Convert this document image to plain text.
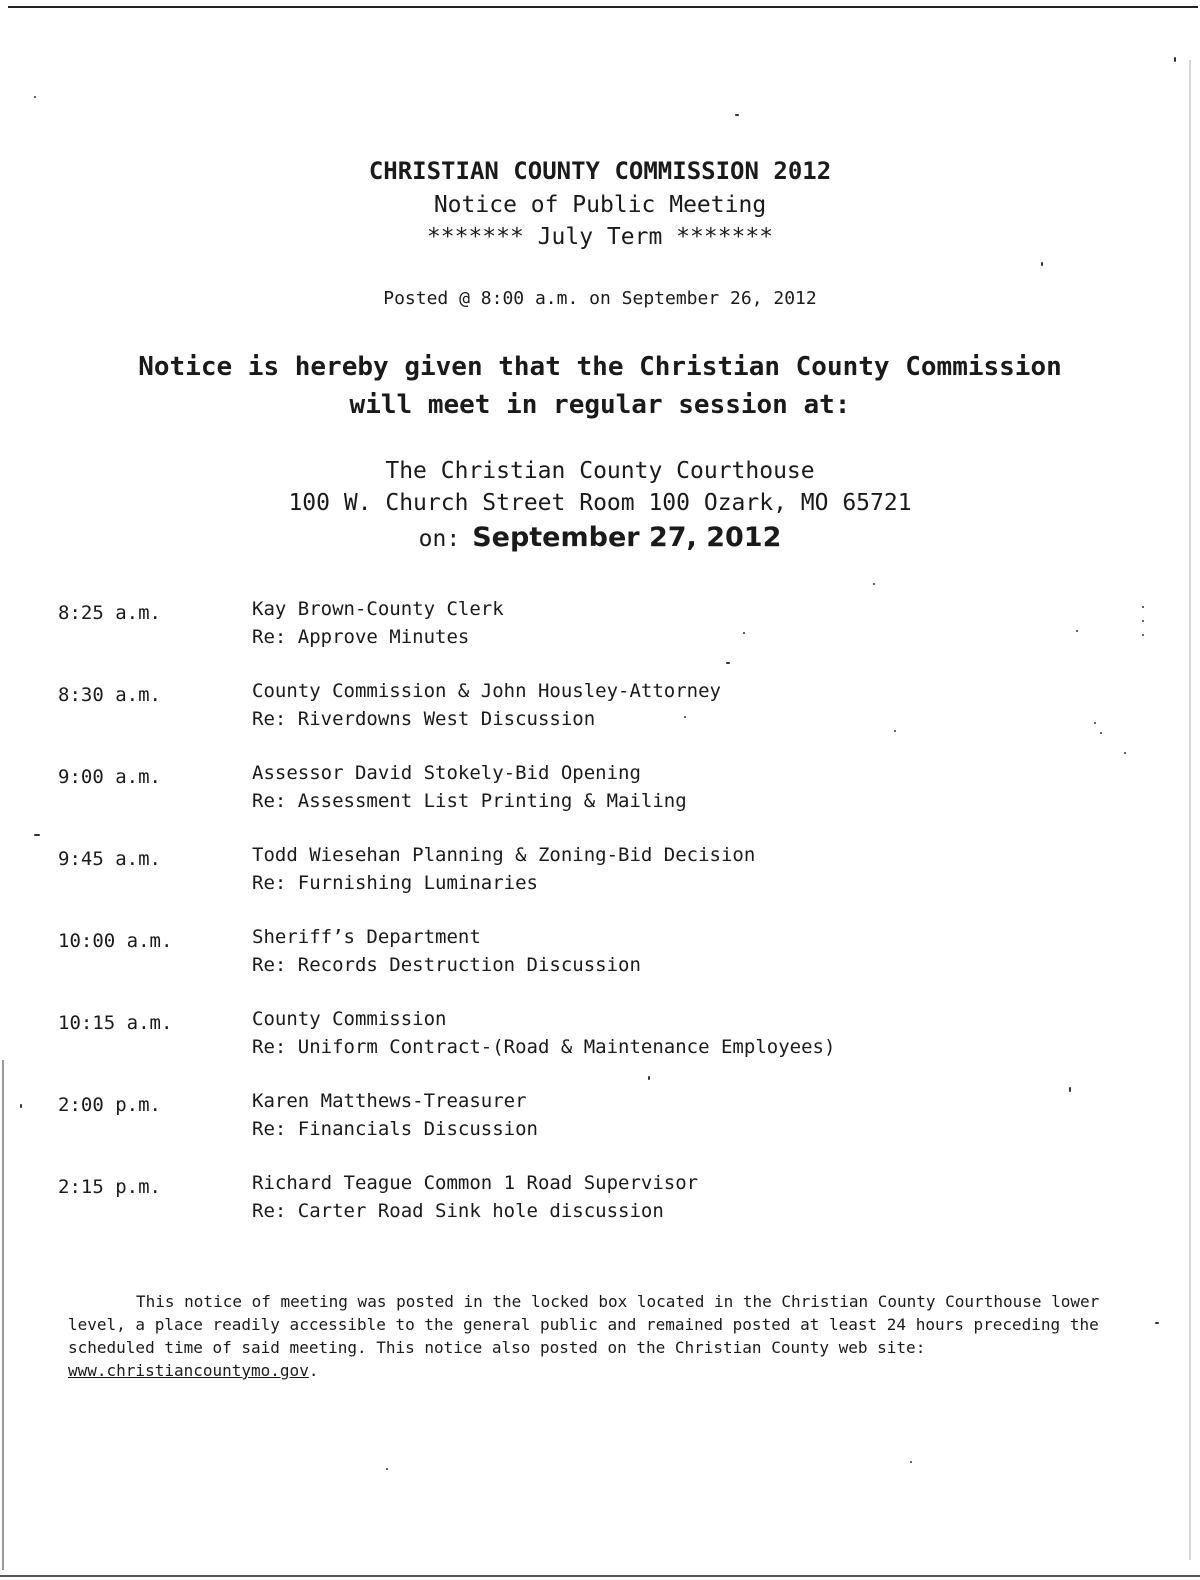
CHRISTIAN COUNTY COMMISSION 2012
Notice of Public Meeting
******* July Term *******
Posted @ 8:00 a.m. on September 26, 2012
Notice is hereby given that the Christian County Commission
will meet in regular session at:
The Christian County Courthouse
100 W. Church Street Room 100 Ozark, MO 65721
on: September 27, 2012
8:25 a.m.	Kay Brown-County Clerk
Re: Approve Minutes
8:30 a.m.	County Commission & John Housley-Attorney
Re: Riverdowns West Discussion
9:00 a.m.	Assessor David Stokely-Bid Opening
Re: Assessment List Printing & Mailing
9:45 a.m.	Todd Wiesehan Planning & Zoning-Bid Decision
Re: Furnishing Luminaries
10:00 a.m.	Sheriff’s Department
Re: Records Destruction Discussion
10:15 a.m.	County Commission
Re: Uniform Contract-(Road & Maintenance Employees)
2:00 p.m.	Karen Matthews-Treasurer
Re: Financials Discussion
2:15 p.m.	Richard Teague Common 1 Road Supervisor
Re: Carter Road Sink hole discussion
This notice of meeting was posted in the locked box located in the Christian County Courthouse lower level, a place readily accessible to the general public and remained posted at least 24 hours preceding the scheduled time of said meeting. This notice also posted on the Christian County web site: www.christiancountymo.gov.
